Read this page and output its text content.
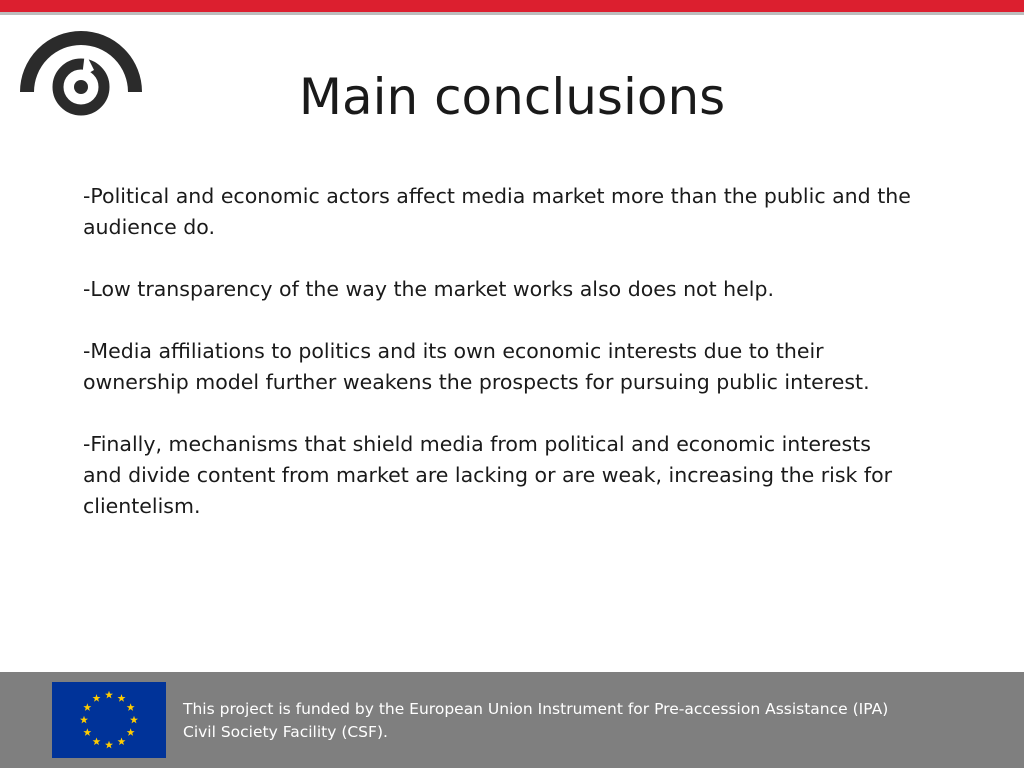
Main conclusions

-Political and economic actors affect media market more than the public and the audience do.

-Low transparency of the way the market works also does not help.

-Media affiliations to politics and its own economic interests due to their ownership model further weakens the prospects for pursuing public interest.

-Finally, mechanisms that shield media from political and economic interests and divide content from market are lacking or are weak, increasing the risk for clientelism.

This project is funded by the European Union Instrument for Pre-accession Assistance (IPA)
Civil Society Facility (CSF).
